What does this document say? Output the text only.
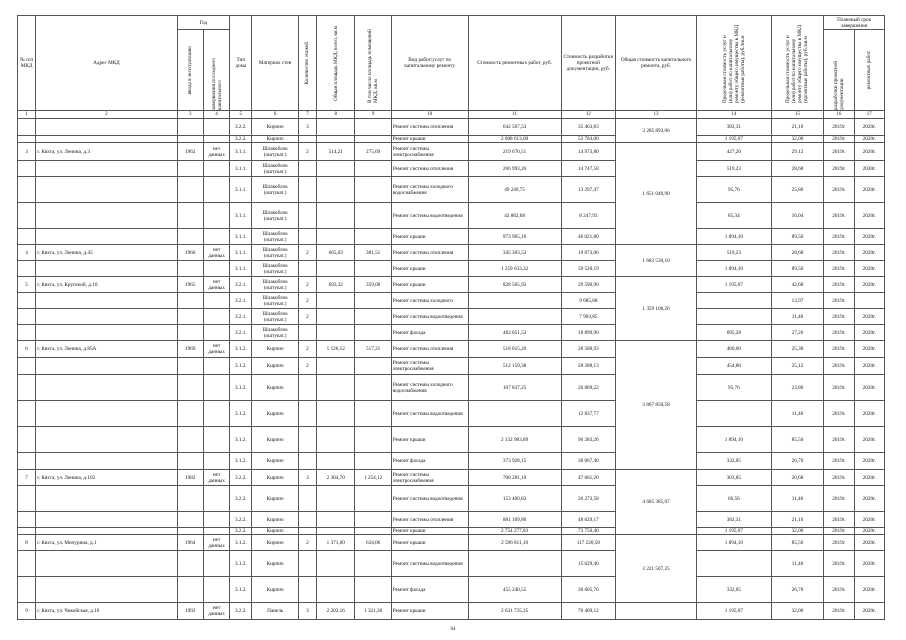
№ п/п МКД	Адрес МКД	Год		Тип дома	Материал стен	Количество этажей	Общая площадь МКД, всего, кв.м	В том числе площадь помещений МКД, кв.м	Вид работ/услуг по капитальному ремонту	Стоимость ремонтных работ, руб.	Стоимость разработки проектной документации, руб.	Общая стоимость капитального ремонта, руб.	Предельная стоимость услуг и (или) работ по капитальному ремонту общего имущества в МКД (ремонтные работы), руб./кв.м	Предельная стоимость услуг и (или) работ по капитальному ремонту общего имущества в МКД (проектные работы), руб./кв.м	Плановый срок завершения	

		ввода в эксплуатацию	завершения последнего капитального												разработки проектной документации	ремонтных работ

1	2	3	4	5	6	7	8	9	10	11	12	13	14	15	16	17
				3.2.2.	Кирпич	3			Ремонт системы отопления	642 567,53	35 463,83	3 285 893,06	382,31	21,10	2019г.	2020г.
				3.2.2.	Кирпич				Ремонт крыши	2 008 613,00	53 784,00		1 195,07	32,00	2019г.	2020г.
3	г. Кяхта, ул. Ленина, д.3	1962	нет данных	3.1.1.	Шлакоблок (оштукат.)	2	514,21	275,69	Ремонт системы электроснабжения	219 670,51	14 973,80	1 651 040,90	427,20	29,12	2019г.	2020г.
				3.1.1.	Шлакоблок (оштукат.)				Ремонт системы отопления	266 993,26	14 747,58		519,23	28,68	2019г.	2020г.
				3.1.1.	Шлакоблок (оштукат.)				Ремонт системы холодного водоснабжения	49 240,75	13 297,47		95,76	25,86	2019г.	2020г.
				3.1.1.	Шлакоблок (оштукат.)				Ремонт системы водоотведения	43 882,68	8 247,93		85,34	16,04	2019г.	2020г.
				3.1.1.	Шлакоблок (оштукат.)				Ремонт крыши	973 965,16	46 021,80		1 894,10	89,50	2019г.	2020г.
4	г. Кяхта, ул. Ленина, д.45	1966	нет данных	3.1.1.	Шлакоблок (оштукат.)	2	665,03	381,51	Ремонт системы отопления	345 303,53	19 073,06	1 683 530,10	519,23	28,68	2019г.	2020г.
				3.1.1.	Шлакоблок (оштукат.)				Ремонт крыши	1 259 633,32	59 520,19		1 894,10	89,50	2019г.	2020г.
5	г. Кяхта, ул. Крупской, д.10	1965	нет данных	3.2.1.	Шлакоблок (оштукат.)	2	693,32	359,00	Ремонт крыши	828 565,93	29 590,90	1 359 108,26	1 195,07	42,68	2019г.	2020г.
				3.2.1.	Шлакоблок (оштукат.)	2			Ремонт системы холодного		9 685,68			13,97	2019г.	
				3.2.1.	Шлакоблок (оштукат.)	2			Ремонт системы водоотведения		7 903,85			11,40	2019г.	2020г.
				3.2.1.	Шлакоблок (оштукат.)				Ремонт фасада	482 051,53	18 899,90		695,28	27,26	2019г.	2020г.
6	г. Кяхта, ул. Ленина, д.85А	1969	нет данных	3.1.2.	Кирпич	2	1 126,12	517,21	Ремонт системы отопления	518 015,20	28 580,93	3 867 850,58	460,00	25,38	2019г.	2020г.
				3.1.2.	Кирпич	2			Ремонт системы электроснабжения	512 159,38	28 288,13		454,80	25,12	2019г.	2020г.
				3.1.2.	Кирпич				Ремонт системы холодного водоснабжения	107 837,25	26 869,22		95,76	23,86	2019г.	2020г.
				3.1.2.	Кирпич				Ремонт системы водоотведения		12 837,77			11,40	2019г.	2020г.
				3.1.2.	Кирпич				Ремонт крыши	2 132 983,89	96 283,26		1 894,10	85,50	2019г.	2020г.
				3.1.2.	Кирпич				Ремонт фасада	373 928,15	30 067,40		332,05	26,70	2019г.	2020г.
7	г. Кяхта, ул. Ленина, д.102	1982	нет данных	3.2.2.	Кирпич	3	2 304,70	1 254,12	Ремонт системы электроснабжения	700 281,10	47 661,20	4 685 385,07	303,85	20,68	2019г.	2020г.
				3.2.2.	Кирпич				Ремонт системы водоотведения	153 400,83	26 273,58		66,56	11,40	2019г.	2020г.
				3.2.2.	Кирпич				Ремонт системы отопления	881 109,86	48 629,17		382,31	21,10	2019г.	2020г.
				3.2.2.	Кирпич				Ремонт крыши	2 754 277,83	73 750,40		1 195,07	32,00	2019г.	2020г.
8	г. Кяхта, ул. Мичурина, д.1	1964	нет данных	3.1.2.	Кирпич	2	1 371,00	634,06	Ремонт крыши	2 596 811,10	117 220,50	3 221 507,25	1 894,10	85,50	2019г.	2020г.
				3.1.2.	Кирпич				Ремонт системы водоотведения		15 629,40			11,40	2019г.	2020г.
				3.1.2.	Кирпич				Ремонт фасада	455 240,55	36 605,70		332,05	26,70	2019г.	2020г.
9	г. Кяхта, ул. Чикойская, д.10	1992	нет данных	3.2.2.	Панель	3	2 202,16	1 321,30	Ремонт крыши	2 631 735,35	70 469,12		1 195,07	32,00	2019г.	2020г.
64
